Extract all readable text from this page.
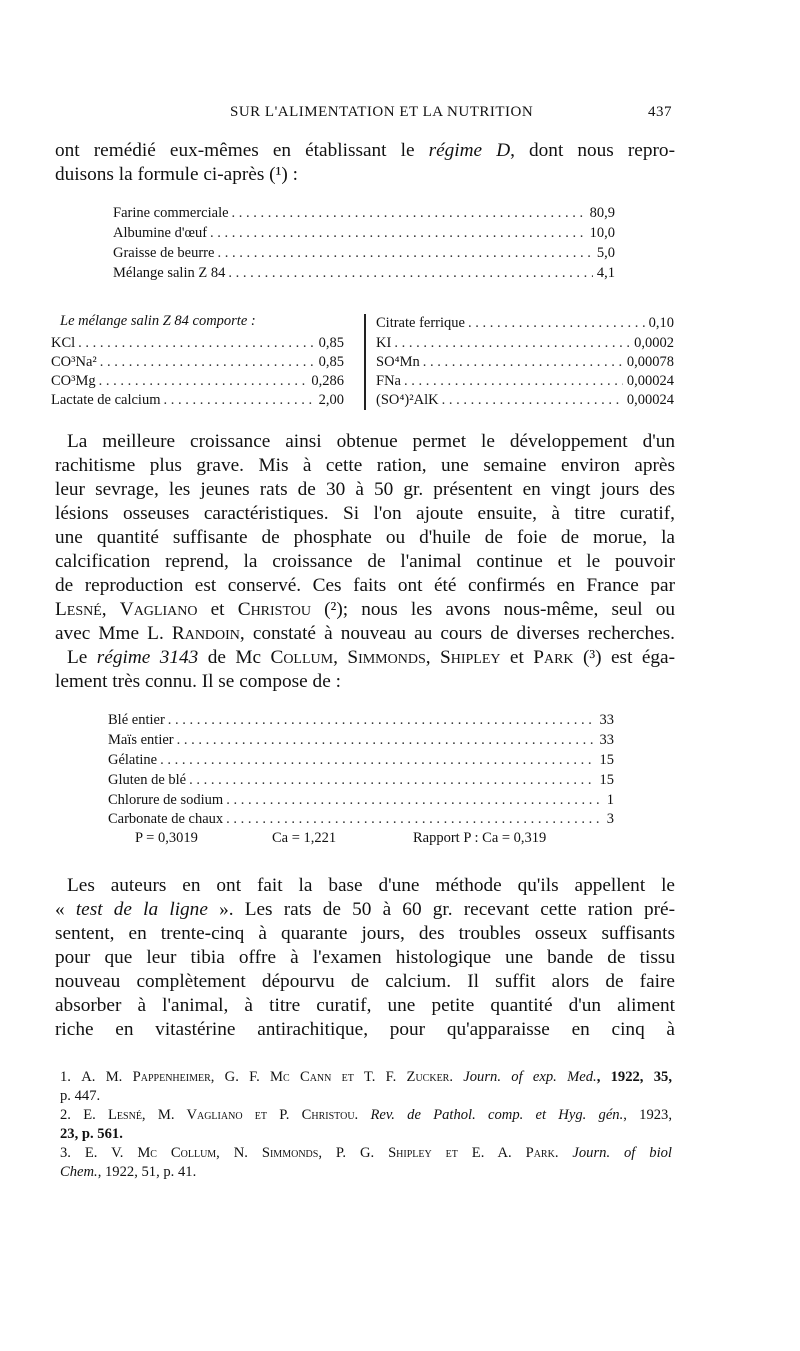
SUR L'ALIMENTATION ET LA NUTRITION	437
ont remédié eux-mêmes en établissant le régime D, dont nous repro-
duisons la formule ci-après (¹) :
Farine commerciale . . .	80,9
Albumine d'œuf . . .	10,0
Graisse de beurre . . .	5,0
Mélange salin Z 84 . . .	4,1
Le mélange salin Z 84 comporte :
KCl . . .	0,85
CO³Na² . . .	0,85
CO³Mg . . .	0,286
Lactate de calcium . . .	2,00
Citrate ferrique . . .	0,10
KI . . .	0,0002
SO⁴Mn . . .	0,00078
FNa . . .	0,00024
(SO⁴)²AlK . . .	0,00024
La meilleure croissance ainsi obtenue permet le développement d'un
rachitisme plus grave. Mis à cette ration, une semaine environ après
leur sevrage, les jeunes rats de 30 à 50 gr. présentent en vingt jours des
lésions osseuses caractéristiques. Si l'on ajoute ensuite, à titre curatif,
une quantité suffisante de phosphate ou d'huile de foie de morue, la
calcification reprend, la croissance de l'animal continue et le pouvoir
de reproduction est conservé. Ces faits ont été confirmés en France par
Lesné, Vagliano et Christou (²); nous les avons nous-même, seul ou
avec Mme L. Randoin, constaté à nouveau au cours de diverses recherches.
Le régime 3143 de Mc Collum, Simmonds, Shipley et Park (³) est éga-
lement très connu. Il se compose de :
Blé entier . . .	33
Maïs entier . . .	33
Gélatine . . .	15
Gluten de blé . . .	15
Chlorure de sodium . . .	1
Carbonate de chaux . . .	3
P = 0,3019	Ca = 1,221	Rapport P : Ca = 0,319
Les auteurs en ont fait la base d'une méthode qu'ils appellent le
« test de la ligne ». Les rats de 50 à 60 gr. recevant cette ration pré-
sentent, en trente-cinq à quarante jours, des troubles osseux suffisants
pour que leur tibia offre à l'examen histologique une bande de tissu
nouveau complètement dépourvu de calcium. Il suffit alors de faire
absorber à l'animal, à titre curatif, une petite quantité d'un aliment
riche en vitastérine antirachitique, pour qu'apparaisse en cinq à
1. A. M. Pappenheimer, G. F. Mc Cann et T. F. Zucker. Journ. of exp. Med., 1922, 35,
p. 447.
2. E. Lesné, M. Vagliano et P. Christou. Rev. de Pathol. comp. et Hyg. gén., 1923,
23, p. 561.
3. E. V. Mc Collum, N. Simmonds, P. G. Shipley et E. A. Park. Journ. of biol
Chem., 1922, 51, p. 41.
